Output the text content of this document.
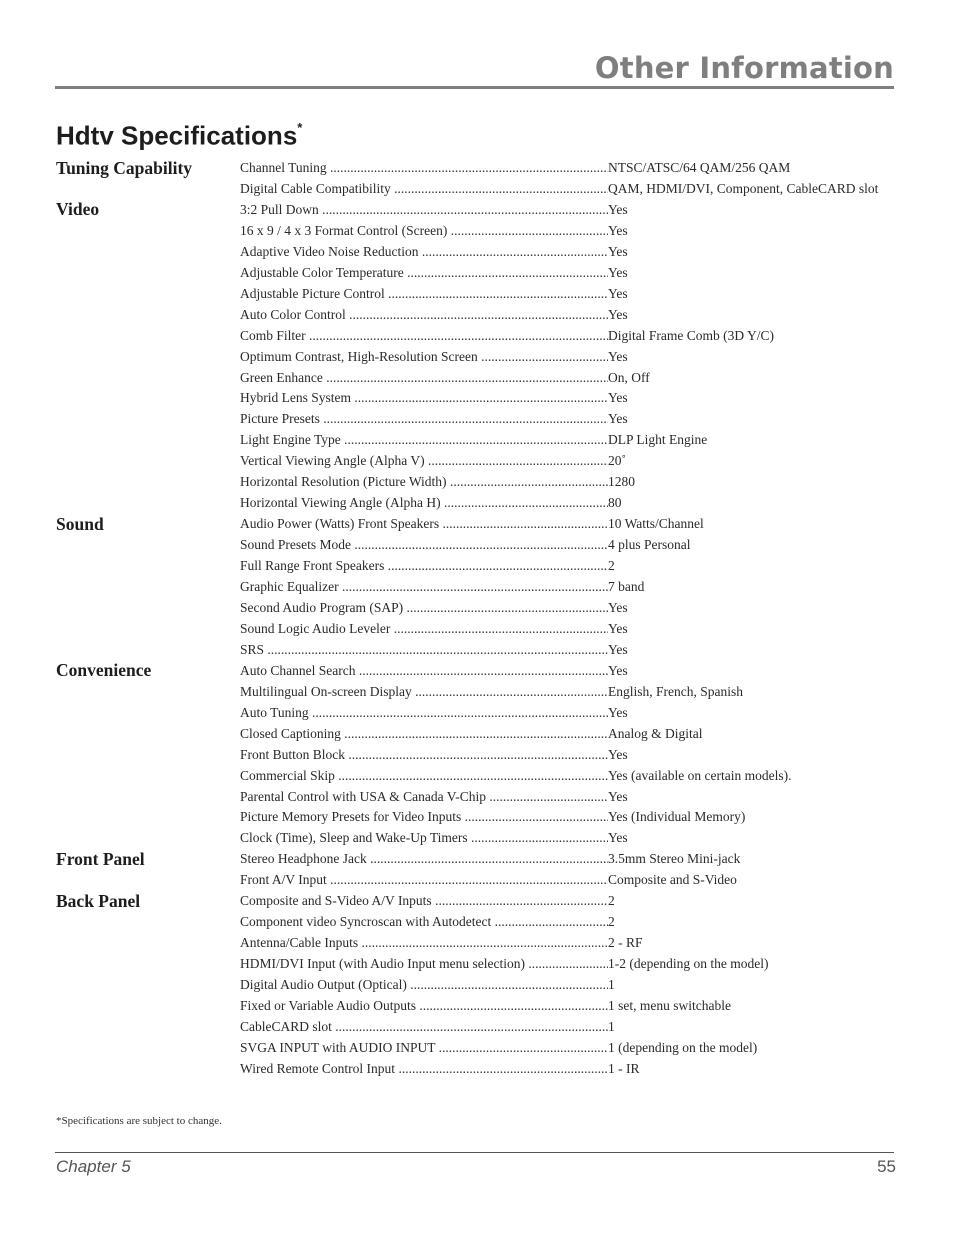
Other Information
Hdtv Specifications*
Tuning Capability	Channel Tuning .....	NTSC/ATSC/64 QAM/256 QAM
Digital Cable Compatibility .....	QAM, HDMI/DVI, Component, CableCARD slot
Video	3:2 Pull Down .....	Yes
16 x 9 / 4 x 3 Format Control (Screen) .....	Yes
Adaptive Video Noise Reduction .....	Yes
Adjustable Color Temperature .....	Yes
Adjustable Picture Control .....	Yes
Auto Color Control .....	Yes
Comb Filter .....	Digital Frame Comb (3D Y/C)
Optimum Contrast, High-Resolution Screen .....	Yes
Green Enhance .....	On, Off
Hybrid Lens System .....	Yes
Picture Presets .....	Yes
Light Engine Type .....	DLP Light Engine
Vertical Viewing Angle (Alpha V) .....	20˚
Horizontal Resolution (Picture Width) .....	1280
Horizontal Viewing Angle (Alpha H) .....	80
Sound	Audio Power (Watts) Front Speakers .....	10 Watts/Channel
Sound Presets Mode .....	4 plus Personal
Full Range Front Speakers .....	2
Graphic Equalizer .....	7 band
Second Audio Program (SAP) .....	Yes
Sound Logic Audio Leveler .....	Yes
SRS .....	Yes
Convenience	Auto Channel Search .....	Yes
Multilingual On-screen Display .....	English, French, Spanish
Auto Tuning .....	Yes
Closed Captioning .....	Analog & Digital
Front Button Block .....	Yes
Commercial Skip .....	Yes (available on certain models).
Parental Control with USA & Canada V-Chip .....	Yes
Picture Memory Presets for Video Inputs .....	Yes (Individual Memory)
Clock (Time), Sleep and Wake-Up Timers .....	Yes
Front Panel	Stereo Headphone Jack .....	3.5mm Stereo Mini-jack
Front A/V Input .....	Composite and S-Video
Back Panel	Composite and S-Video A/V Inputs .....	2
Component video Syncroscan with Autodetect .....	2
Antenna/Cable Inputs .....	2 - RF
HDMI/DVI Input (with Audio Input menu selection) .....	1-2 (depending on the model)
Digital Audio Output (Optical) .....	1
Fixed or Variable Audio Outputs .....	1 set, menu switchable
CableCARD slot .....	1
SVGA INPUT with AUDIO INPUT .....	1 (depending on the model)
Wired Remote Control Input .....	1 - IR
*Specifications are subject to change.
Chapter 5	55
